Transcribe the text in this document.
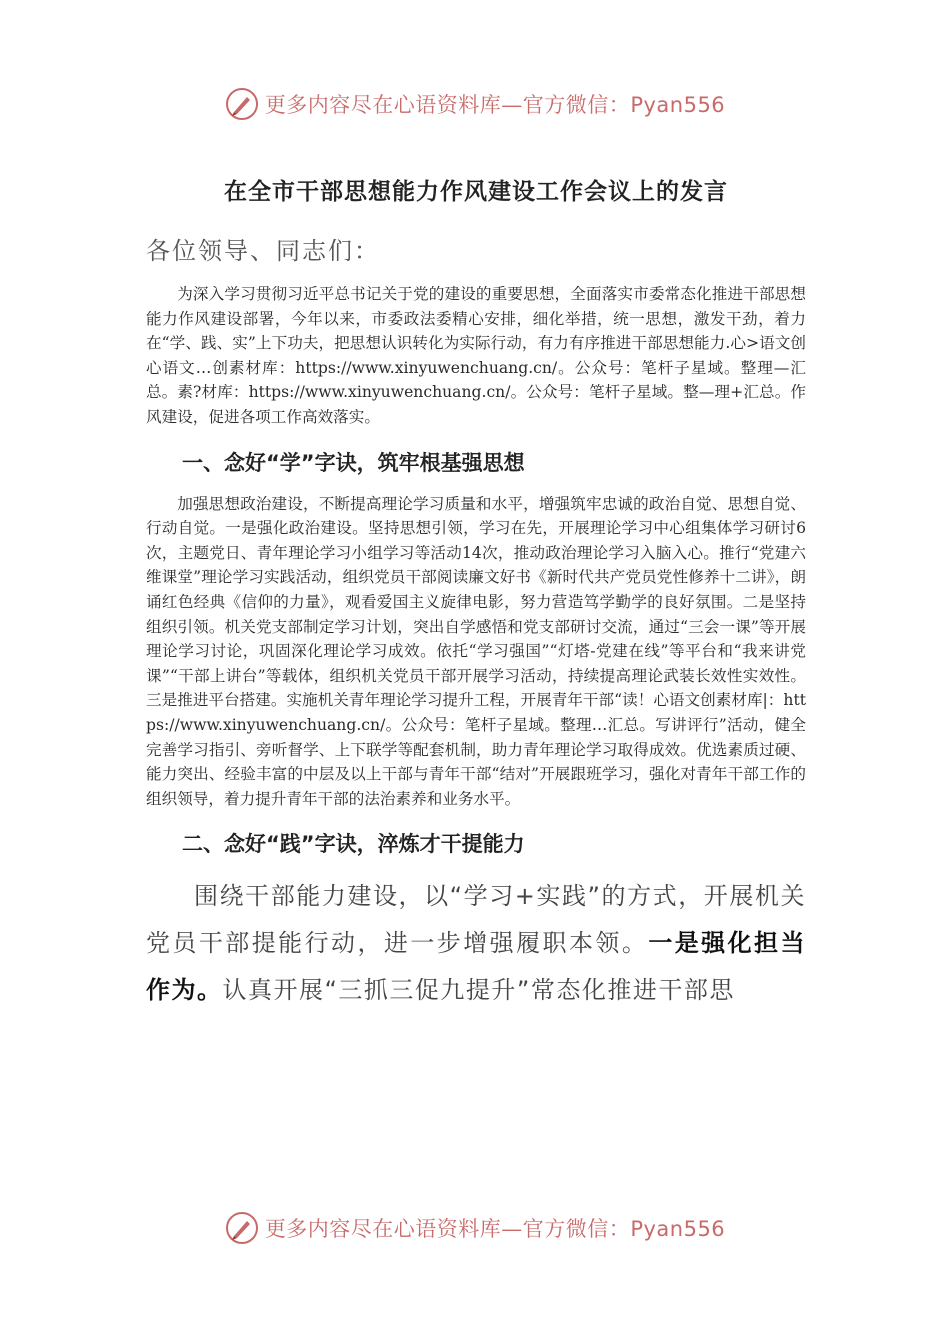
更多内容尽在心语资料库—官方微信：Pyan556
在全市干部思想能力作风建设工作会议上的发言
各位领导、同志们：

为深入学习贯彻习近平总书记关于党的建设的重要思想，全面落实市委常态化推进干部思想能力作风建设部署，今年以来，市委政法委精心安排，细化举措，统一思想，激发干劲，着力在“学、践、实”上下功夫，把思想认识转化为实际行动，有力有序推进干部思想能力.心>语文创心语文…创素材库：https://www.xinyuwenchuang.cn/。公众号：笔杆子星域。整理—汇总。素?材库：https://www.xinyuwenchuang.cn/。公众号：笔杆子星域。整—理+汇总。作风建设，促进各项工作高效落实。

一、念好“学”字诀，筑牢根基强思想

加强思想政治建设，不断提高理论学习质量和水平，增强筑牢忠诚的政治自觉、思想自觉、行动自觉。一是强化政治建设。坚持思想引领，学习在先，开展理论学习中心组集体学习研讨6次，主题党日、青年理论学习小组学习等活动14次，推动政治理论学习入脑入心。推行“党建六维课堂”理论学习实践活动，组织党员干部阅读廉文好书《新时代共产党员党性修养十二讲》，朗诵红色经典《信仰的力量》，观看爱国主义旋律电影，努力营造笃学勤学的良好氛围。二是坚持组织引领。机关党支部制定学习计划，突出自学感悟和党支部研讨交流，通过“三会一课”等开展理论学习讨论，巩固深化理论学习成效。依托“学习强国”“灯塔-党建在线”等平台和“我来讲党课”“干部上讲台”等载体，组织机关党员干部开展学习活动，持续提高理论武装长效性实效性。三是推进平台搭建。实施机关青年理论学习提升工程，开展青年干部“读！心语文创素材库|：https://www.xinyuwenchuang.cn/。公众号：笔杆子星域。整理…汇总。写讲评行”活动，健全完善学习指引、旁听督学、上下联学等配套机制，助力青年理论学习取得成效。优选素质过硬、能力突出、经验丰富的中层及以上干部与青年干部“结对”开展跟班学习，强化对青年干部工作的组织领导，着力提升青年干部的法治素养和业务水平。

二、念好“践”字诀，淬炼才干提能力

围绕干部能力建设，以“学习+实践”的方式，开展机关党员干部提能行动，进一步增强履职本领。一是强化担当作为。认真开展“三抓三促九提升”常态化推进干部思

更多内容尽在心语资料库—官方微信：Pyan556
